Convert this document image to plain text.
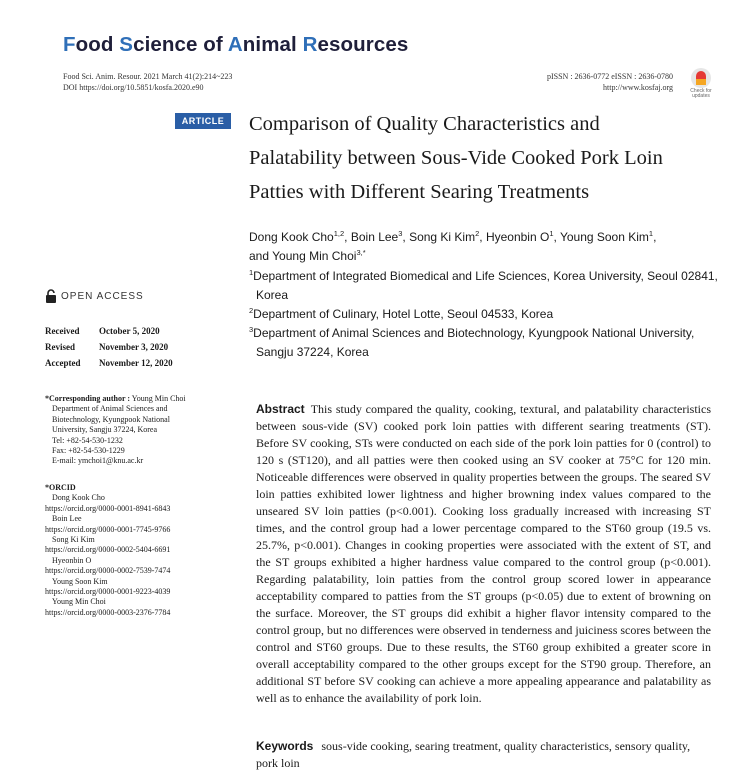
Food Science of Animal Resources
Food Sci. Anim. Resour. 2021 March 41(2):214~223
DOI https://doi.org/10.5851/kosfa.2020.e90
pISSN : 2636-0772 eISSN : 2636-0780
http://www.kosfaj.org	Check for updates
ARTICLE	Comparison of Quality Characteristics and
Palatability between Sous-Vide Cooked Pork Loin
Patties with Different Searing Treatments
Dong Kook Cho$^{1,2}$, Boin Lee$^3$, Song Ki Kim$^2$, Hyeonbin $O^1$, Young Soon Kim$^1$,
and Young Min Choi$^{3,*}$
$^1$Department of Integrated Biomedical and Life Sciences, Korea University, Seoul 02841, Korea
$^2$Department of Culinary, Hotel Lotte, Seoul 04533, Korea
$^3$Department of Animal Sciences and Biotechnology, Kyungpook National University, Sangju 37224, Korea
OPEN ACCESS
Received	October 5, 2020
Revised	November 3, 2020
Accepted	November 12, 2020
*Corresponding author : Young Min Choi
Department of Animal Sciences and
Biotechnology, Kyungpook National
University, Sangju 37224, Korea
Tel: +82-54-530-1232
Fax: +82-54-530-1229
E-mail: ymchoi1@knu.ac.kr
*ORCID
Dong Kook Cho
https://orcid.org/0000-0001-8941-6843
Boin Lee
https://orcid.org/0000-0001-7745-9766
Song Ki Kim
https://orcid.org/0000-0002-5404-6691
Hyeonbin O
https://orcid.org/0000-0002-7539-7474
Young Soon Kim
https://orcid.org/0000-0001-9223-4039
Young Min Choi
https://orcid.org/0000-0003-2376-7784
Abstract This study compared the quality, cooking, textural, and palatability characteristics between sous-vide (SV) cooked pork loin patties with different searing treatments (ST). Before SV cooking, STs were conducted on each side of the pork loin patties for 0 (control) to 120 s (ST120), and all patties were then cooked using an SV cooker at 75°C for 120 min. Noticeable differences were observed in quality properties between the groups. The seared SV loin patties exhibited lower lightness and higher browning index values compared to the unseared SV loin patties (p<0.001). Cooking loss gradually increased with increasing ST times, and the control group had a lower percentage compared to the ST60 group (19.5 vs. 25.7%, p<0.001). Changes in cooking properties were associated with the extent of ST, and the ST groups exhibited a higher hardness value compared to the control group (p<0.001). Regarding palatability, loin patties from the control group scored lower in appearance acceptability compared to patties from the ST groups (p<0.05) due to extent of browning on the surface. Moreover, the ST groups did exhibit a higher flavor intensity compared to the control group, but no differences were observed in tenderness and juiciness scores between the control and ST60 groups. Due to these results, the ST60 group exhibited a greater score in overall acceptability compared to the other groups except for the ST90 group. Therefore, an additional ST before SV cooking can achieve a more appealing appearance and palatability as well as to enhance the availability of pork loin.
Keywords sous-vide cooking, searing treatment, quality characteristics, sensory quality, pork loin
